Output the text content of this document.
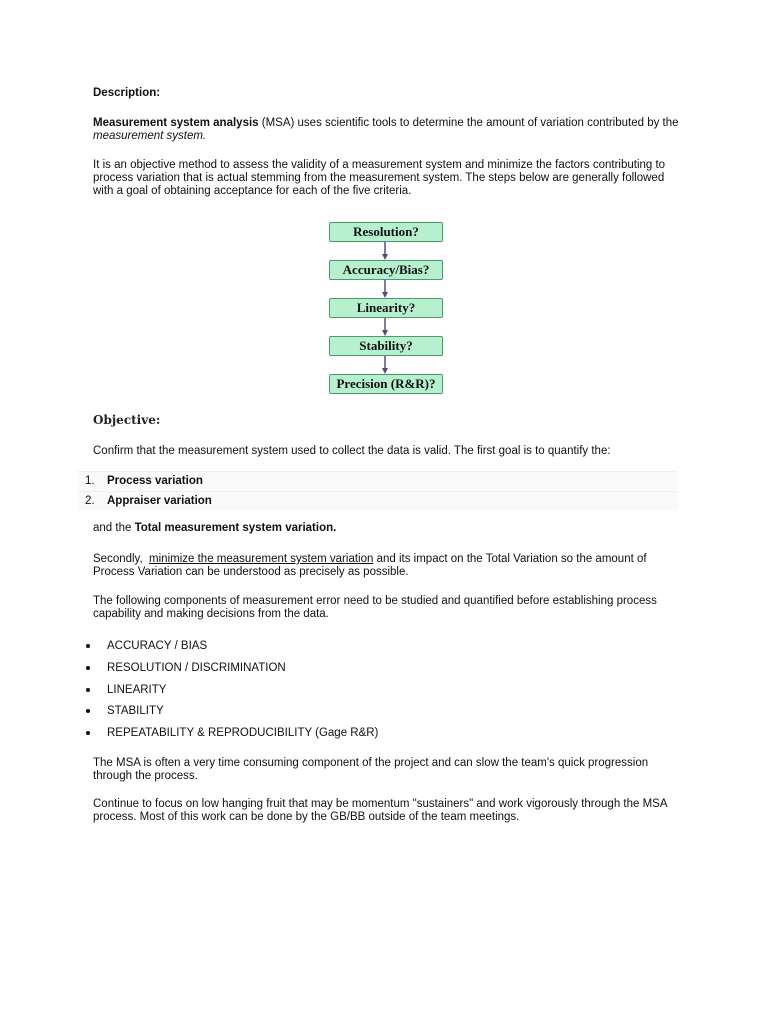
Description:
Measurement system analysis (MSA) uses scientific tools to determine the amount of variation contributed by the measurement system.
It is an objective method to assess the validity of a measurement system and minimize the factors contributing to process variation that is actual stemming from the measurement system. The steps below are generally followed with a goal of obtaining acceptance for each of the five criteria.
Resolution?
Accuracy/Bias?
Linearity?
Stability?
Precision (R&R)?
Objective:
Confirm that the measurement system used to collect the data is valid. The first goal is to quantify the:
1. Process variation
2. Appraiser variation
and the Total measurement system variation.
Secondly,  minimize the measurement system variation and its impact on the Total Variation so the amount of Process Variation can be understood as precisely as possible.
The following components of measurement error need to be studied and quantified before establishing process capability and making decisions from the data.
ACCURACY / BIAS
RESOLUTION / DISCRIMINATION
LINEARITY
STABILITY
REPEATABILITY & REPRODUCIBILITY (Gage R&R)
The MSA is often a very time consuming component of the project and can slow the team's quick progression through the process.
Continue to focus on low hanging fruit that may be momentum "sustainers" and work vigorously through the MSA process. Most of this work can be done by the GB/BB outside of the team meetings.
